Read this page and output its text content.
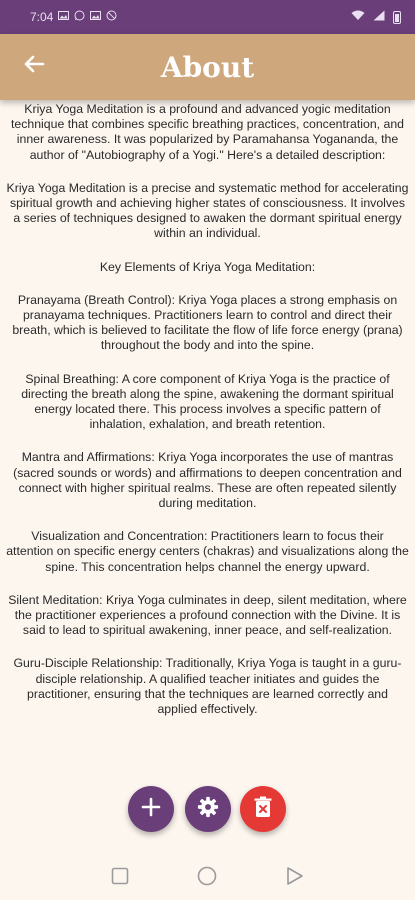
7:04
About

Kriya Yoga Meditation is a profound and advanced yogic meditation technique that combines specific breathing practices, concentration, and inner awareness. It was popularized by Paramahansa Yogananda, the author of "Autobiography of a Yogi." Here's a detailed description:

Kriya Yoga Meditation is a precise and systematic method for accelerating spiritual growth and achieving higher states of consciousness. It involves a series of techniques designed to awaken the dormant spiritual energy within an individual.

Key Elements of Kriya Yoga Meditation:

Pranayama (Breath Control): Kriya Yoga places a strong emphasis on pranayama techniques. Practitioners learn to control and direct their breath, which is believed to facilitate the flow of life force energy (prana) throughout the body and into the spine.

Spinal Breathing: A core component of Kriya Yoga is the practice of directing the breath along the spine, awakening the dormant spiritual energy located there. This process involves a specific pattern of inhalation, exhalation, and breath retention.

Mantra and Affirmations: Kriya Yoga incorporates the use of mantras (sacred sounds or words) and affirmations to deepen concentration and connect with higher spiritual realms. These are often repeated silently during meditation.

Visualization and Concentration: Practitioners learn to focus their attention on specific energy centers (chakras) and visualizations along the spine. This concentration helps channel the energy upward.

Silent Meditation: Kriya Yoga culminates in deep, silent meditation, where the practitioner experiences a profound connection with the Divine. It is said to lead to spiritual awakening, inner peace, and self-realization.

Guru-Disciple Relationship: Traditionally, Kriya Yoga is taught in a guru-disciple relationship. A qualified teacher initiates and guides the practitioner, ensuring that the techniques are learned correctly and applied effectively.
